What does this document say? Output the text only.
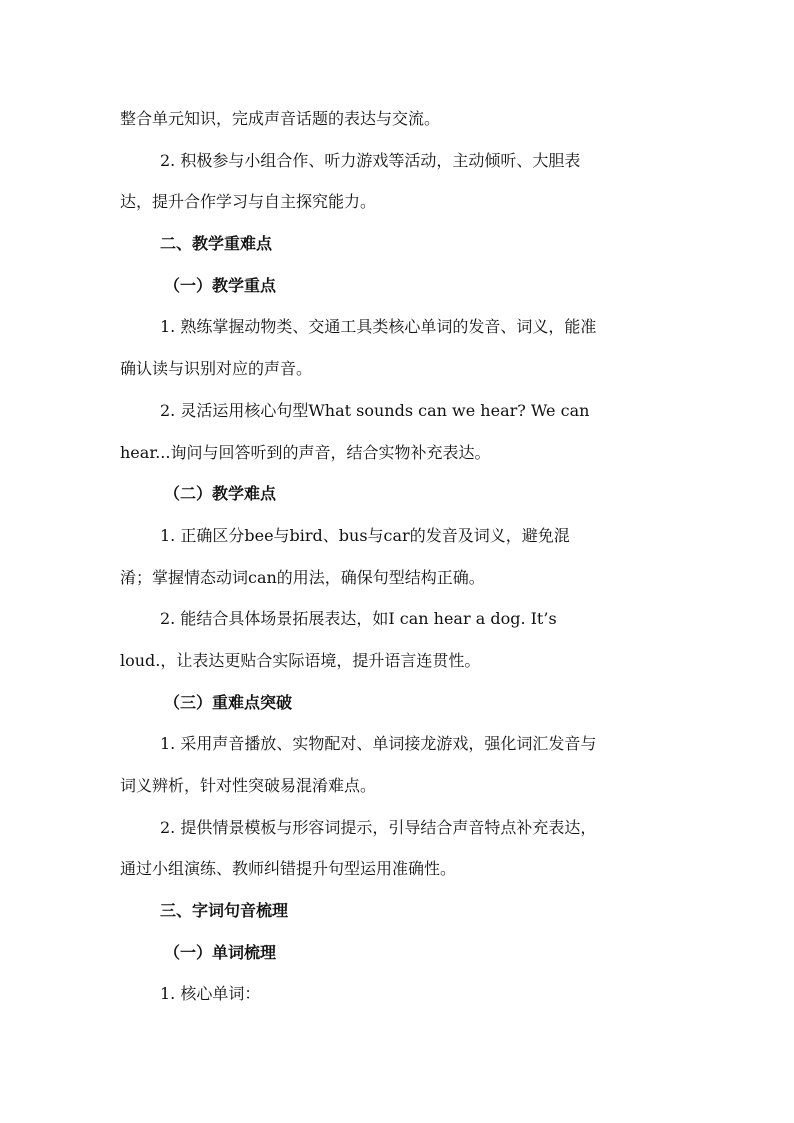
整合单元知识，完成声音话题的表达与交流。
2. 积极参与小组合作、听力游戏等活动，主动倾听、大胆表
达，提升合作学习与自主探究能力。
二、教学重难点
（一）教学重点
1. 熟练掌握动物类、交通工具类核心单词的发音、词义，能准
确认读与识别对应的声音。
2. 灵活运用核心句型What sounds can we hear? We can
hear...询问与回答听到的声音，结合实物补充表达。
（二）教学难点
1. 正确区分bee与bird、bus与car的发音及词义，避免混
淆；掌握情态动词can的用法，确保句型结构正确。
2. 能结合具体场景拓展表达，如I can hear a dog. It’s
loud.，让表达更贴合实际语境，提升语言连贯性。
（三）重难点突破
1. 采用声音播放、实物配对、单词接龙游戏，强化词汇发音与
词义辨析，针对性突破易混淆难点。
2. 提供情景模板与形容词提示，引导结合声音特点补充表达，
通过小组演练、教师纠错提升句型运用准确性。
三、字词句音梳理
（一）单词梳理
1. 核心单词：
